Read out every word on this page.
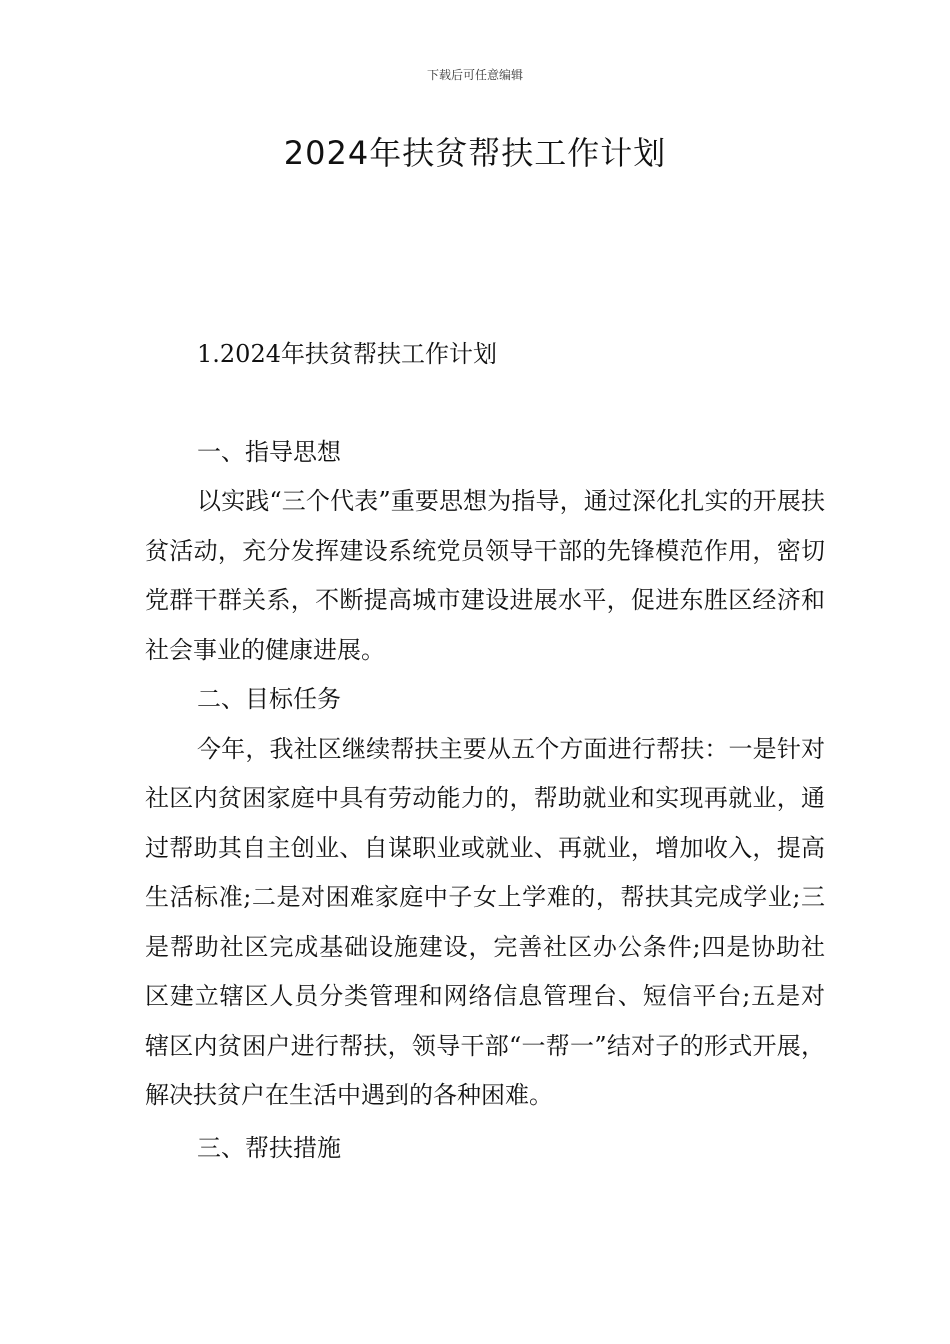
下载后可任意编辑
2024年扶贫帮扶工作计划

1.2024年扶贫帮扶工作计划

一、指导思想

以实践“三个代表”重要思想为指导，通过深化扎实的开展扶贫活动，充分发挥建设系统党员领导干部的先锋模范作用，密切党群干群关系，不断提高城市建设进展水平，促进东胜区经济和社会事业的健康进展。

二、目标任务

今年，我社区继续帮扶主要从五个方面进行帮扶：一是针对社区内贫困家庭中具有劳动能力的，帮助就业和实现再就业，通过帮助其自主创业、自谋职业或就业、再就业，增加收入，提高生活标准;二是对困难家庭中子女上学难的，帮扶其完成学业;三是帮助社区完成基础设施建设，完善社区办公条件;四是协助社区建立辖区人员分类管理和网络信息管理台、短信平台;五是对辖区内贫困户进行帮扶，领导干部“一帮一”结对子的形式开展，解决扶贫户在生活中遇到的各种困难。

三、帮扶措施
